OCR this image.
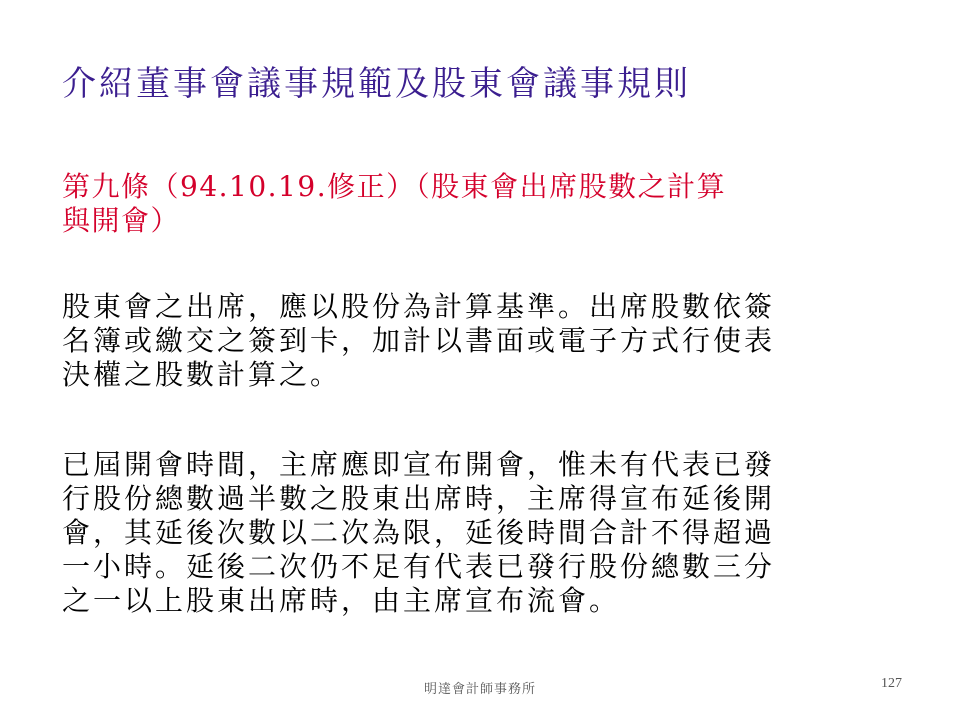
介紹董事會議事規範及股東會議事規則
第九條（94.10.19.修正）（股東會出席股數之計算
與開會）
股東會之出席，應以股份為計算基準。出席股數依簽
名簿或繳交之簽到卡，加計以書面或電子方式行使表
決權之股數計算之。
已屆開會時間，主席應即宣布開會，惟未有代表已發
行股份總數過半數之股東出席時，主席得宣布延後開
會，其延後次數以二次為限，延後時間合計不得超過
一小時。延後二次仍不足有代表已發行股份總數三分
之一以上股東出席時，由主席宣布流會。
明達會計師事務所	127
